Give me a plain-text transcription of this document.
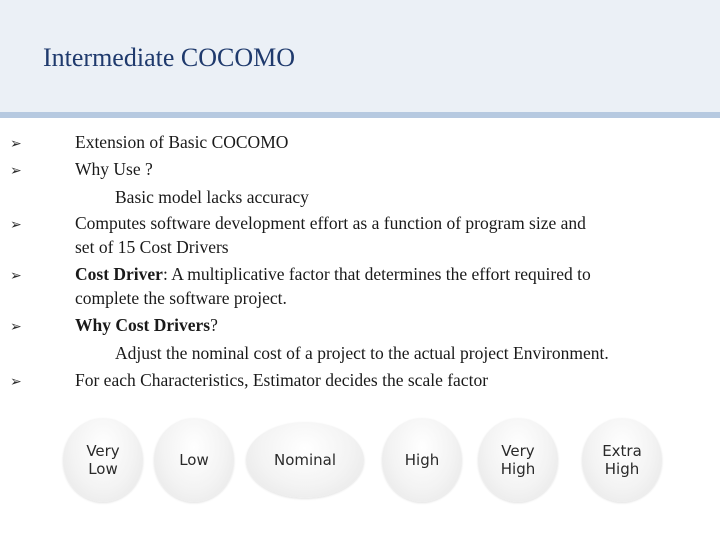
Intermediate COCOMO
➢	Extension of Basic COCOMO
➢	Why Use ?
Basic model lacks accuracy
➢	Computes software development effort as a function of program size and
set of 15 Cost Drivers
➢	Cost Driver: A multiplicative factor that determines the effort required to
complete the software project.
➢	Why Cost Drivers?
Adjust the nominal cost of a project to the actual project Environment.
➢	For each Characteristics, Estimator decides the scale factor
Very
Low	Low	Nominal	High	Very
High
Extra
High
